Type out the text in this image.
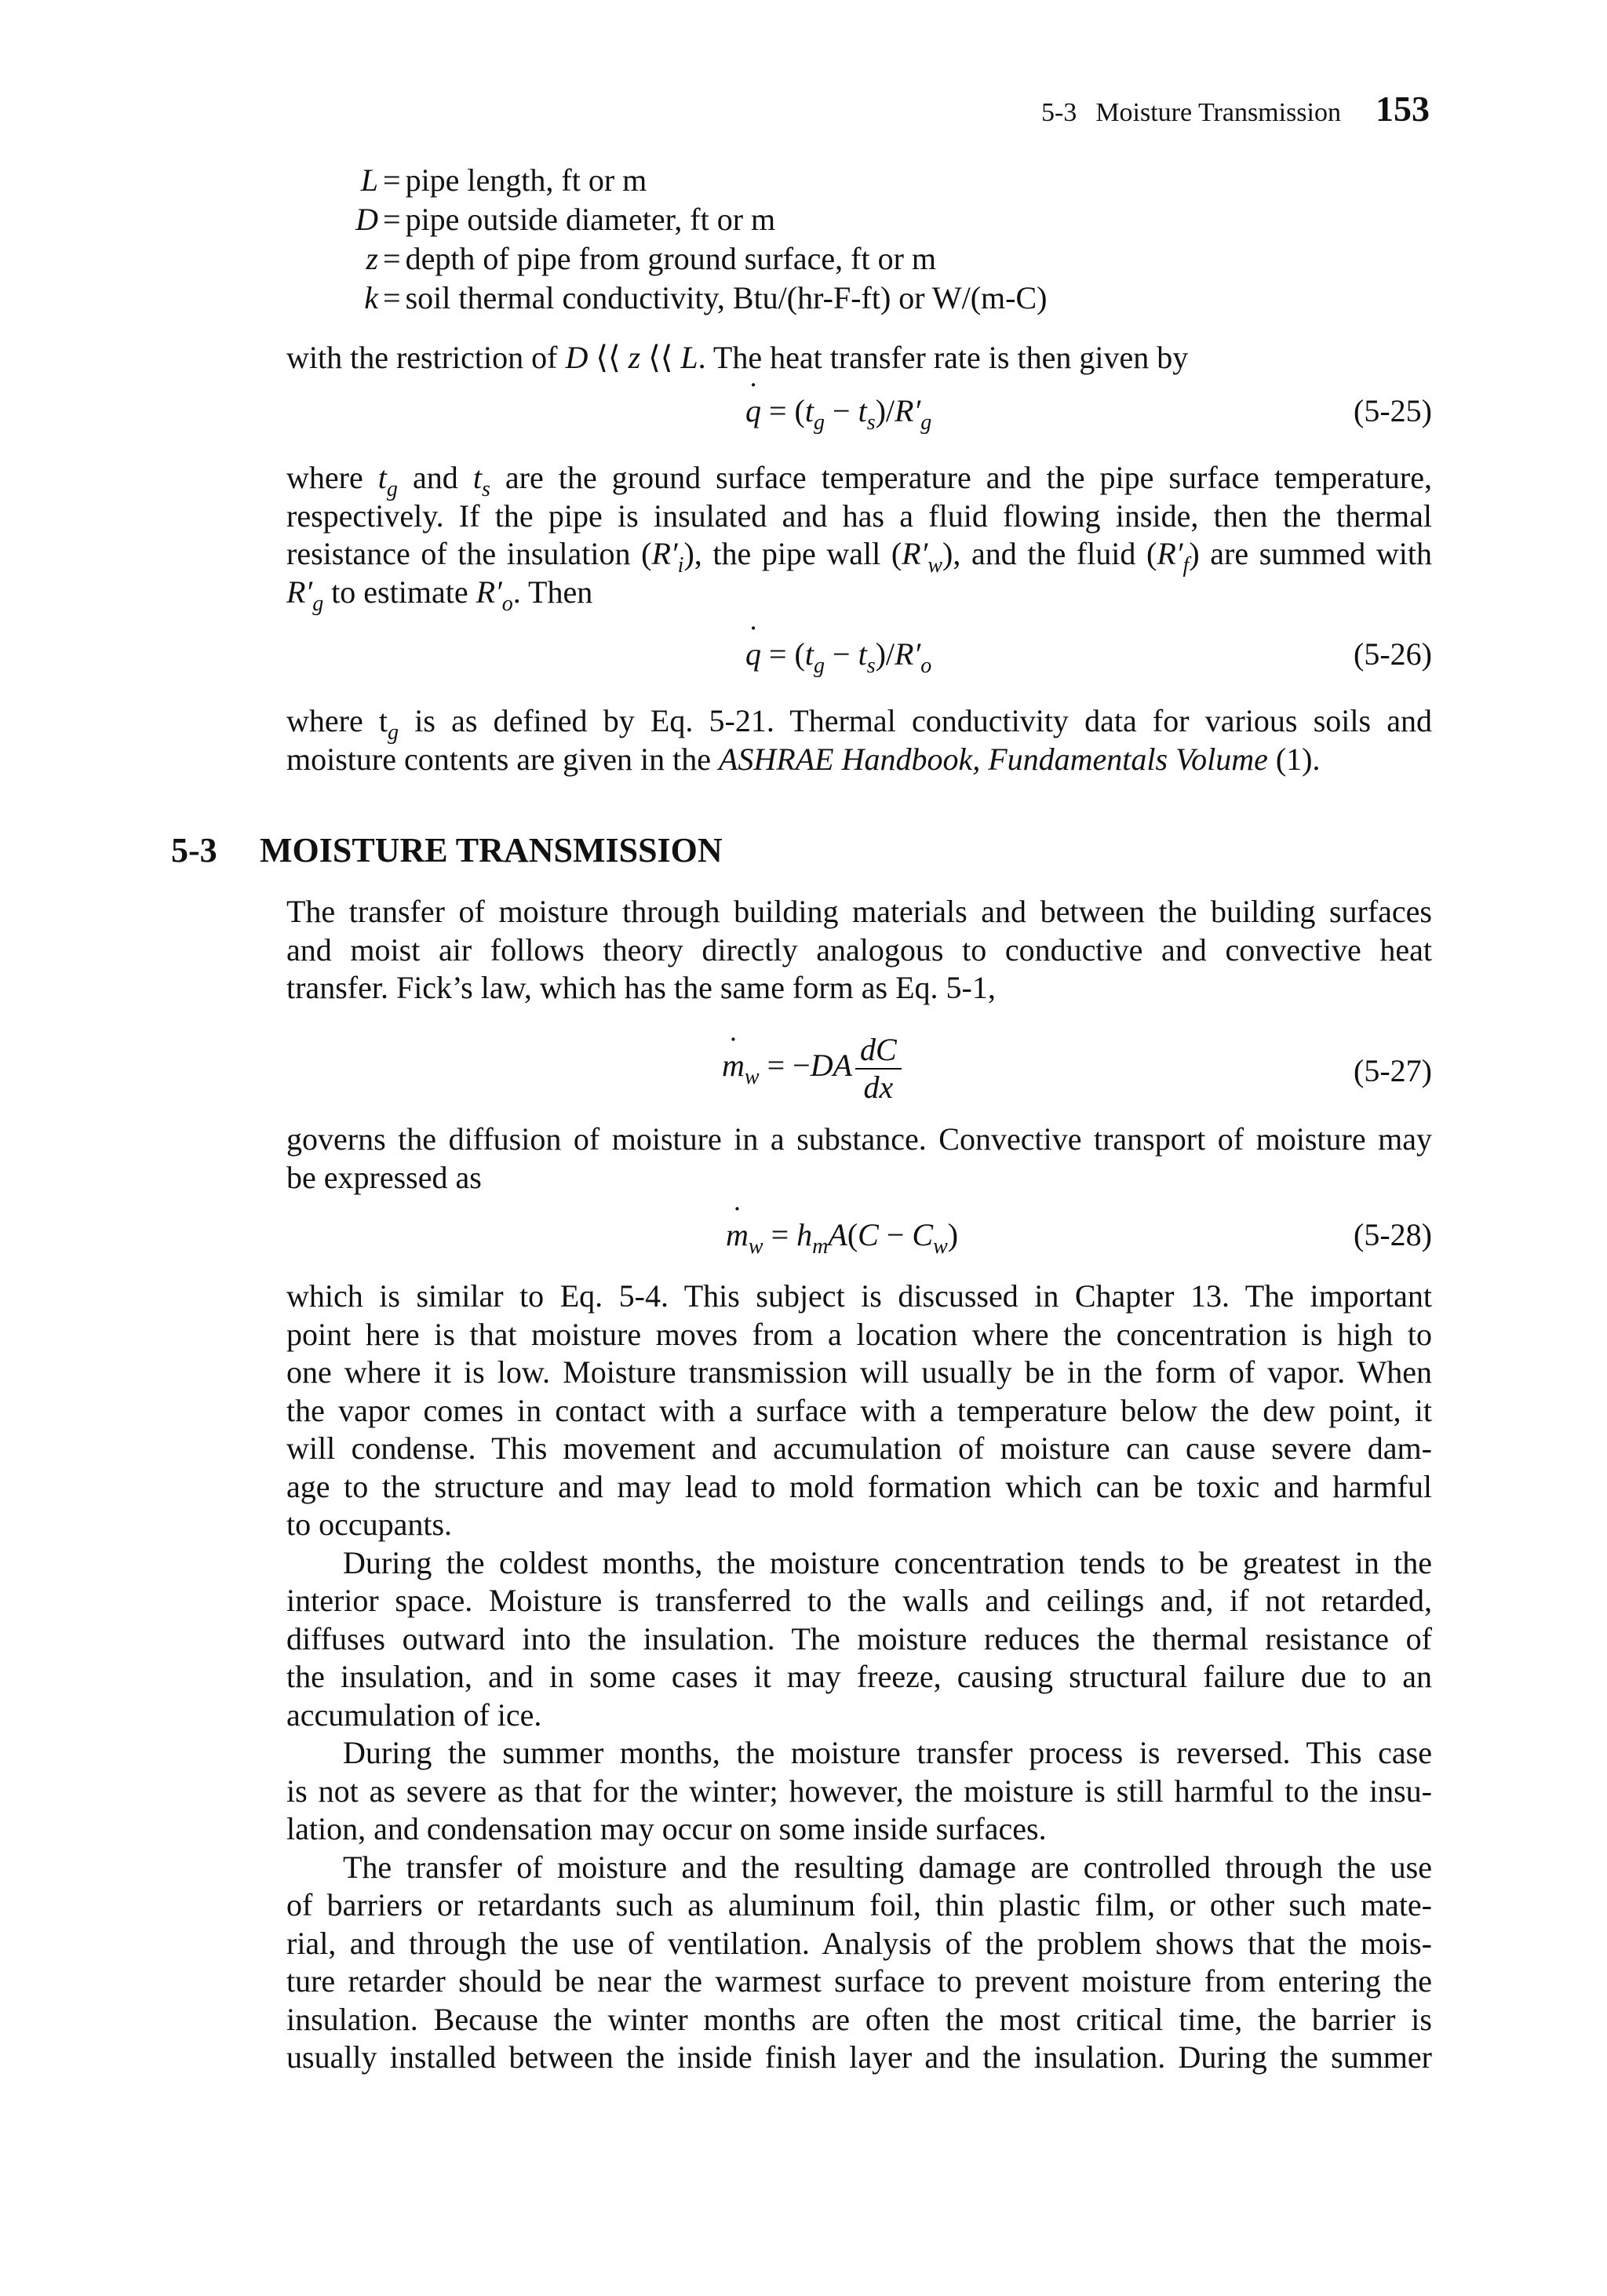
5-3 Moisture Transmission 153
L = pipe length, ft or m
D = pipe outside diameter, ft or m
z = depth of pipe from ground surface, ft or m
k = soil thermal conductivity, Btu/(hr-F-ft) or W/(m-C)
with the restriction of D ⟨⟨ z ⟨⟨ L. The heat transfer rate is then given by
q ˙ = $(t_g - t_s)/R'_g$	(5-25)
where $t_g$ and $t_s$ are the ground surface temperature and the pipe surface temperature,
respectively. If the pipe is insulated and has a fluid flowing inside, then the thermal
resistance of the insulation $(R'_i)$, the pipe wall $(R'_w)$, and the fluid $(R'_f)$ are summed with
$R'_g$ to estimate $R'_o$. Then
q ˙ = $(t_g - t_s)/R'_o$	(5-26)
where $t_g$ is as defined by Eq. 5-21. Thermal conductivity data for various soils and
moisture contents are given in the ASHRAE Handbook, Fundamentals Volume (1).
5-3 MOISTURE TRANSMISSION
The transfer of moisture through building materials and between the building surfaces
and moist air follows theory directly analogous to conductive and convective heat
transfer. Fick’s law, which has the same form as Eq. 5-1,
m $˙_w = -DA \frac{dC}{dx}$	(5-27)
governs the diffusion of moisture in a substance. Convective transport of moisture may
be expressed as
m $˙_w = h_mA(C - C_w)$	(5-28)
which is similar to Eq. 5-4. This subject is discussed in Chapter 13. The important
point here is that moisture moves from a location where the concentration is high to
one where it is low. Moisture transmission will usually be in the form of vapor. When
the vapor comes in contact with a surface with a temperature below the dew point, it
will condense. This movement and accumulation of moisture can cause severe dam-
age to the structure and may lead to mold formation which can be toxic and harmful
to occupants.
During the coldest months, the moisture concentration tends to be greatest in the
interior space. Moisture is transferred to the walls and ceilings and, if not retarded,
diffuses outward into the insulation. The moisture reduces the thermal resistance of
the insulation, and in some cases it may freeze, causing structural failure due to an
accumulation of ice.
During the summer months, the moisture transfer process is reversed. This case
is not as severe as that for the winter; however, the moisture is still harmful to the insu-
lation, and condensation may occur on some inside surfaces.
The transfer of moisture and the resulting damage are controlled through the use
of barriers or retardants such as aluminum foil, thin plastic film, or other such mate-
rial, and through the use of ventilation. Analysis of the problem shows that the mois-
ture retarder should be near the warmest surface to prevent moisture from entering the
insulation. Because the winter months are often the most critical time, the barrier is
usually installed between the inside finish layer and the insulation. During the summer
